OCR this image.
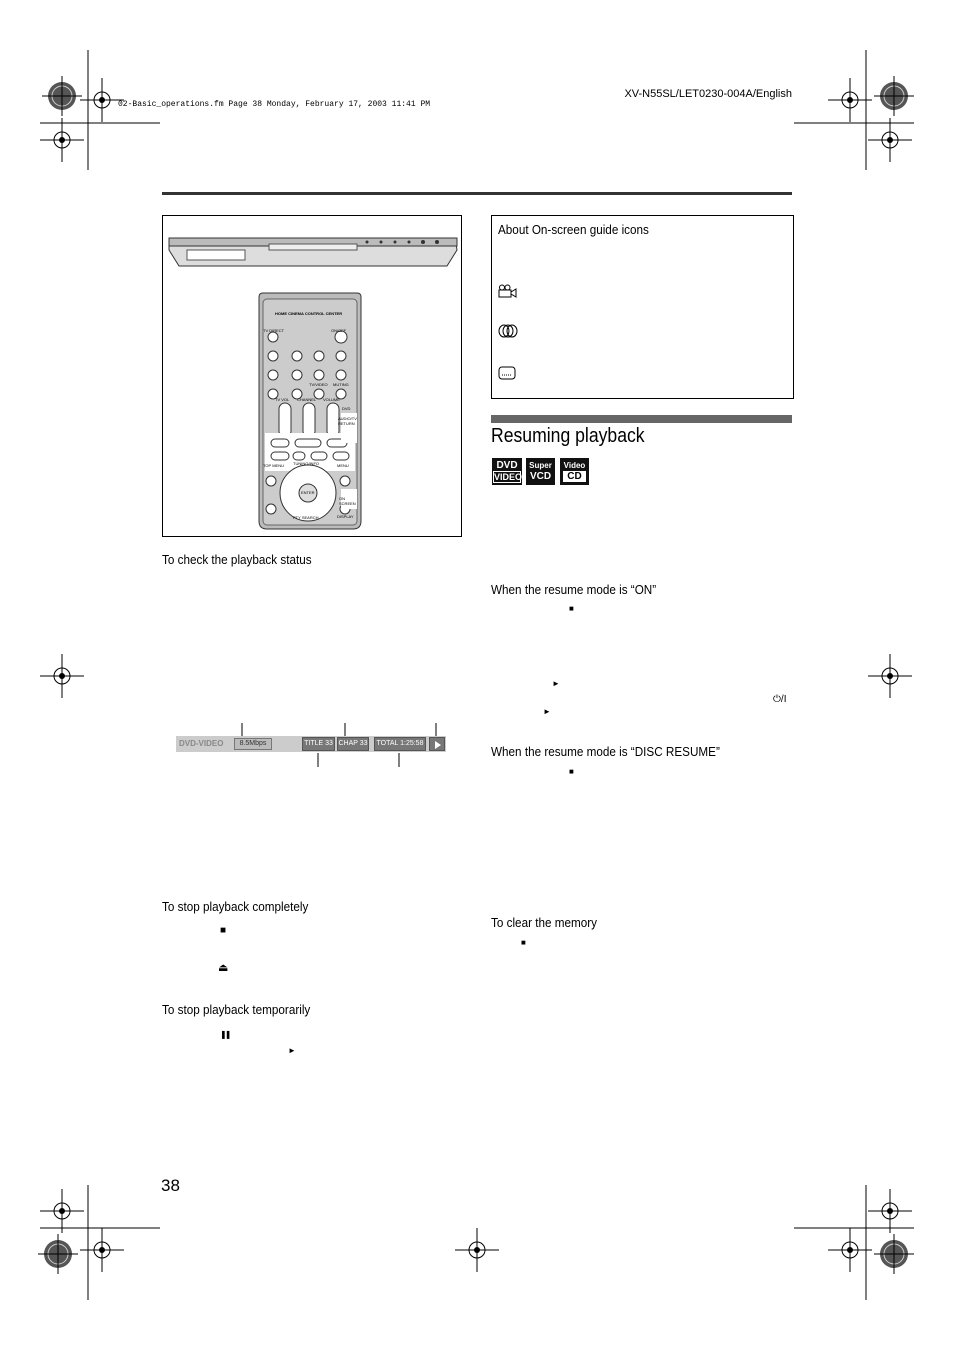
02-Basic_operations.fm Page 38 Monday, February 17, 2003 11:41 PM
XV-N55SL/LET0230-004A/English
HOME CINEMA CONTROL CENTER
TV DIRECT	ON/OFF
TV VOL CHANNEL VOLUME
TV/VIDEO MUTING
DVD
AUDIO/TV RETURN
TOP MENU	MENU
ENTER
TUNING/INFO
ON SCREEN
DISPLAY
PTY SEARCH
To check the playback status
DVD-VIDEO	8.5Mbps	TITLE 33 CHAP 33	TOTAL 1:25:58
To stop playback completely
■
⏏
To stop playback temporarily
❚❚
►
About On-screen guide icons
Resuming playback
DVD
VIDEO
Super
VCD
Video
CD
When the resume mode is “ON”
■
►
⏻/I
►
When the resume mode is “DISC RESUME”
■
To clear the memory
■
38
